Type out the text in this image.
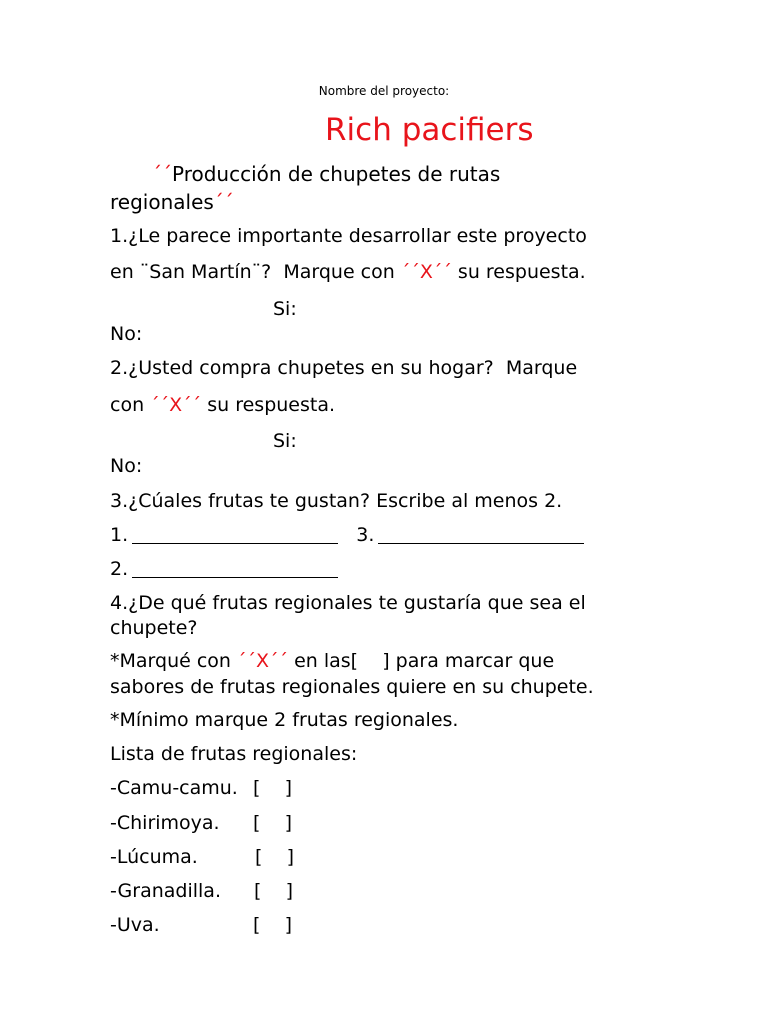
Nombre del proyecto:
Rich pacifiers
´´Producción de chupetes de rutas
regionales´´
1.¿Le parece importante desarrollar este proyecto
en ¨San Martín¨?  Marque con ´´X´´ su respuesta.
Si:
No:
2.¿Usted compra chupetes en su hogar?  Marque
con ´´X´´ su respuesta.
Si:
No:
3.¿Cúales frutas te gustan? Escribe al menos 2.
1.	3.
2.
4.¿De qué frutas regionales te gustaría que sea el
chupete?
*Marqué con ´´X´´ en las[    ] para marcar que
sabores de frutas regionales quiere en su chupete.
*Mínimo marque 2 frutas regionales.
Lista de frutas regionales:
-Camu-camu. [    ]
-Chirimoya. [    ]
-Lúcuma.	[    ]
-Granadilla. [    ]
-Uva.	[    ]
